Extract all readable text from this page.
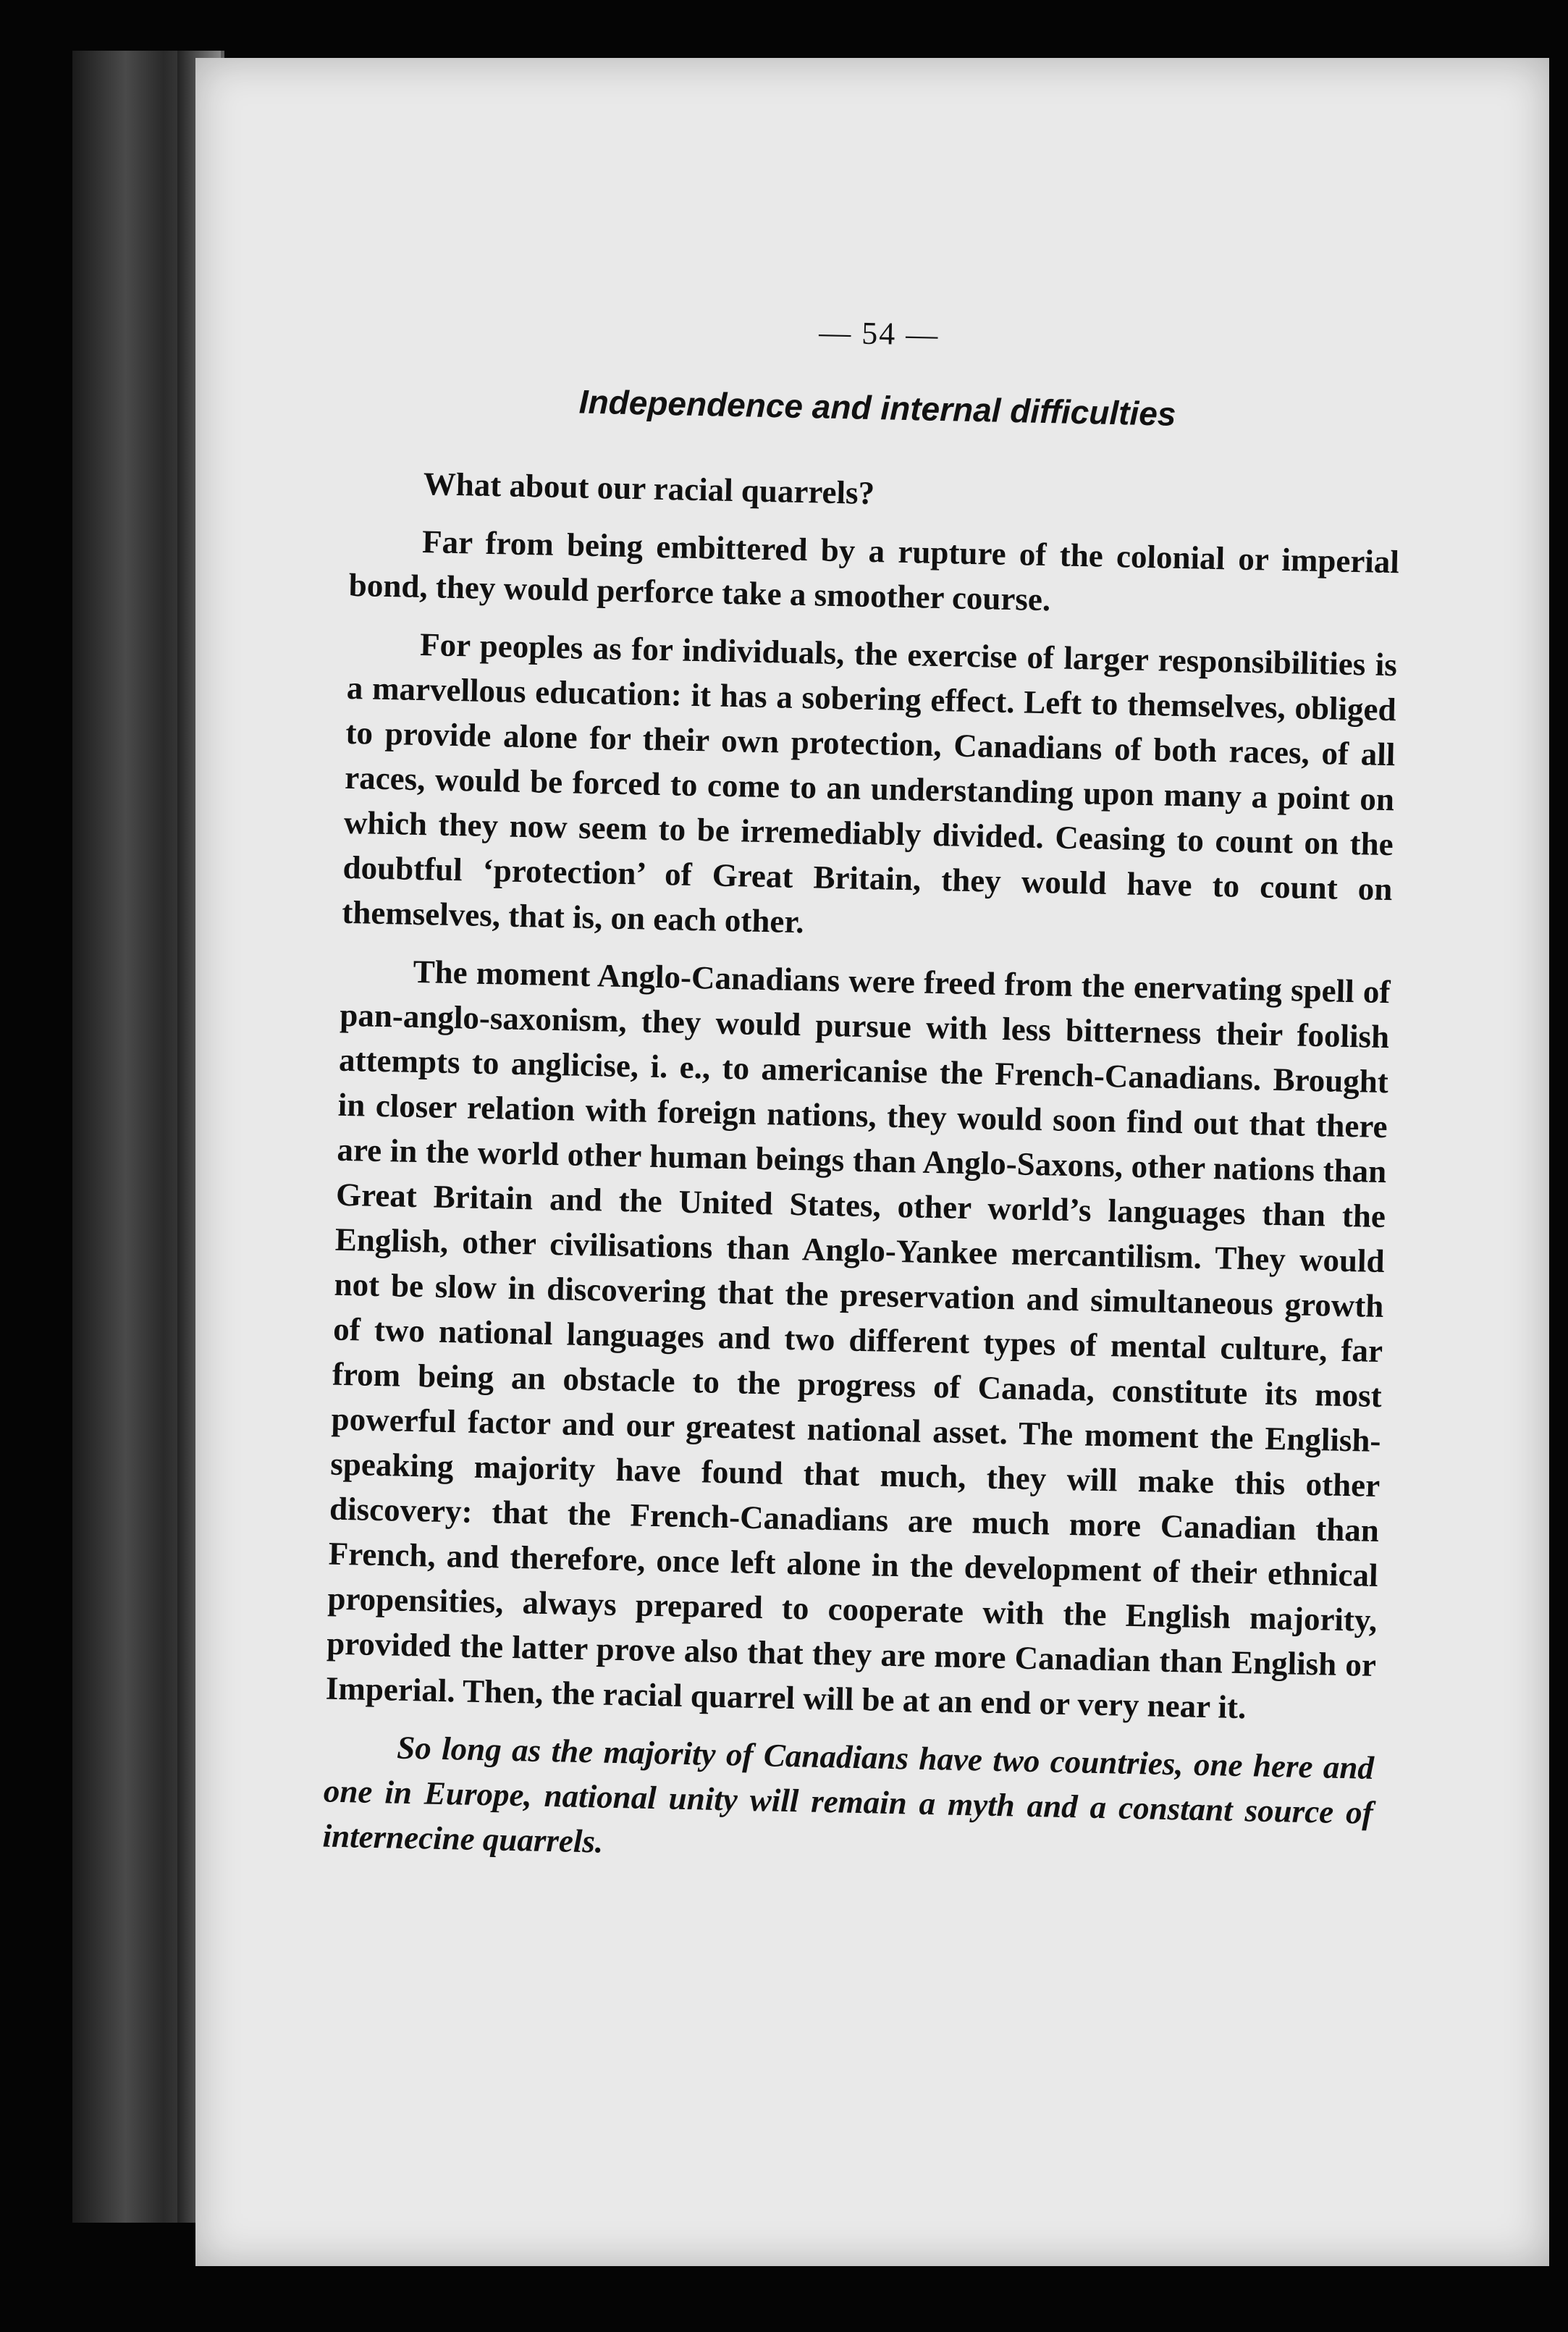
— 54 —
Independence and internal difficulties

What about our racial quarrels?

Far from being embittered by a rupture of the colonial or imperial bond, they would perforce take a smoother course.

For peoples as for individuals, the exercise of larger responsibilities is a marvellous education: it has a sobering effect. Left to themselves, obliged to provide alone for their own protection, Canadians of both races, of all races, would be forced to come to an understanding upon many a point on which they now seem to be irremediably divided. Ceasing to count on the doubtful ‘protection’ of Great Britain, they would have to count on themselves, that is, on each other.

The moment Anglo-Canadians were freed from the enervating spell of pan-anglo-saxonism, they would pursue with less bitterness their foolish attempts to anglicise, i. e., to americanise the French-Canadians. Brought in closer relation with foreign nations, they would soon find out that there are in the world other human beings than Anglo-Saxons, other nations than Great Britain and the United States, other world’s languages than the English, other civilisations than Anglo-Yankee mercantilism. They would not be slow in discovering that the preservation and simultaneous growth of two national languages and two different types of mental culture, far from being an obstacle to the progress of Canada, constitute its most powerful factor and our greatest national asset. The moment the English-speaking majority have found that much, they will make this other discovery: that the French-Canadians are much more Canadian than French, and therefore, once left alone in the development of their ethnical propensities, always prepared to cooperate with the English majority, provided the latter prove also that they are more Canadian than English or Imperial. Then, the racial quarrel will be at an end or very near it.

So long as the majority of Canadians have two countries, one here and one in Europe, national unity will remain a myth and a constant source of internecine quarrels.
